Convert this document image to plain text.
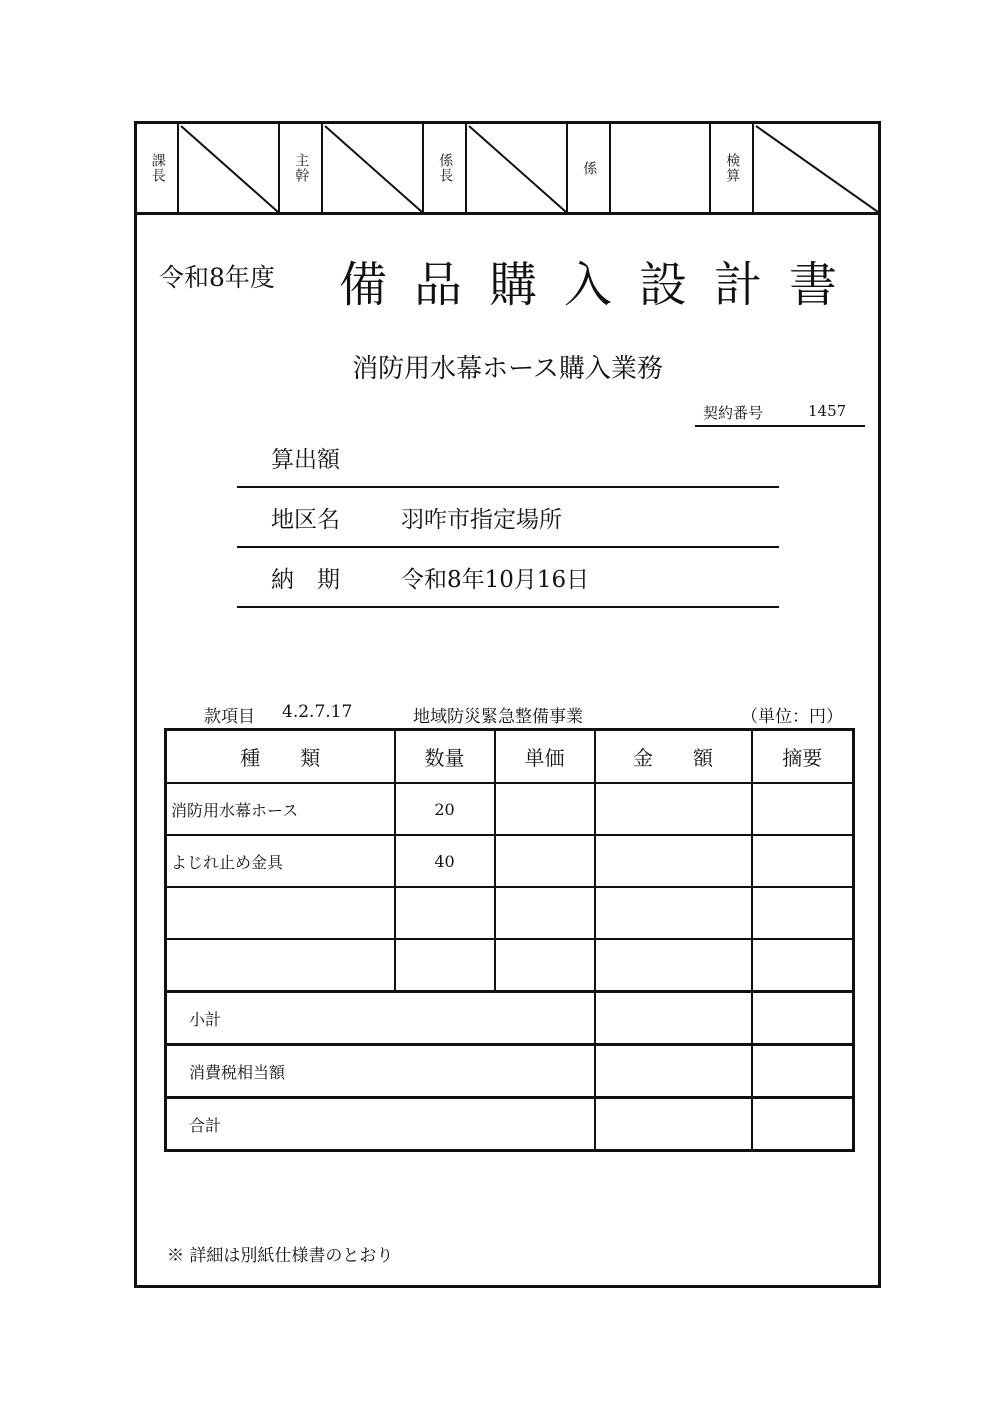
課長	主幹	係長	係	検算
令和8年度 備品購入設計書
消防用水幕ホース購入業務
契約番号	1457
算出額
地区名	羽咋市指定場所
納　期	令和8年10月16日
款項目 4.2.7.17	地域防災緊急整備事業	（単位：円）
種　　類	数量	単価	金　　額	摘要
消防用水幕ホース	20			
よじれ止め金具	40			

小計				
消費税相当額				
合計				
※ 詳細は別紙仕様書のとおり
